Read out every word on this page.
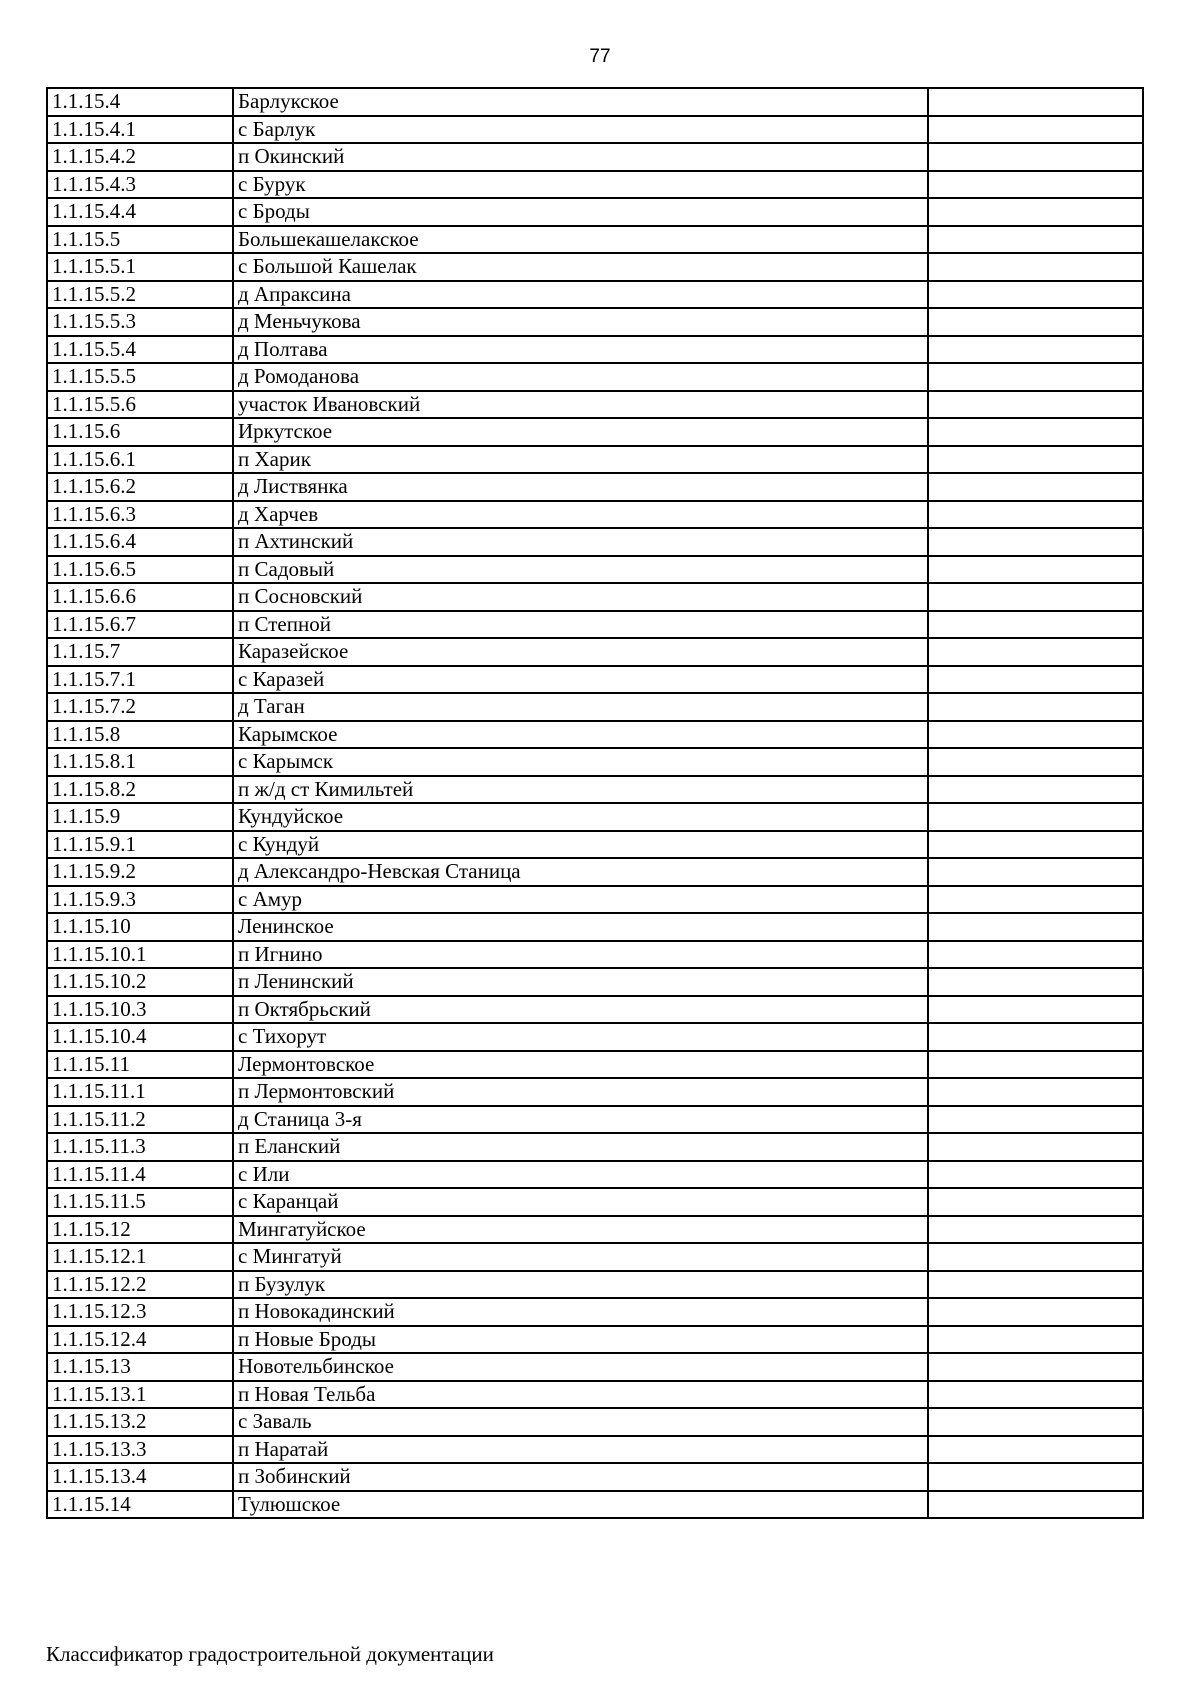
77
1.1.15.4	Барлукское	
1.1.15.4.1	с Барлук	
1.1.15.4.2	п Окинский	
1.1.15.4.3	с Бурук	
1.1.15.4.4	с Броды	
1.1.15.5	Большекашелакское	
1.1.15.5.1	с Большой Кашелак	
1.1.15.5.2	д Апраксина	
1.1.15.5.3	д Меньчукова	
1.1.15.5.4	д Полтава	
1.1.15.5.5	д Ромоданова	
1.1.15.5.6	участок Ивановский	
1.1.15.6	Иркутское	
1.1.15.6.1	п Харик	
1.1.15.6.2	д Листвянка	
1.1.15.6.3	д Харчев	
1.1.15.6.4	п Ахтинский	
1.1.15.6.5	п Садовый	
1.1.15.6.6	п Сосновский	
1.1.15.6.7	п Степной	
1.1.15.7	Каразейское	
1.1.15.7.1	с Каразей	
1.1.15.7.2	д Таган	
1.1.15.8	Карымское	
1.1.15.8.1	с Карымск	
1.1.15.8.2	п ж/д ст Кимильтей	
1.1.15.9	Кундуйское	
1.1.15.9.1	с Кундуй	
1.1.15.9.2	д Александро-Невская Станица	
1.1.15.9.3	с Амур	
1.1.15.10	Ленинское	
1.1.15.10.1	п Игнино	
1.1.15.10.2	п Ленинский	
1.1.15.10.3	п Октябрьский	
1.1.15.10.4	с Тихорут	
1.1.15.11	Лермонтовское	
1.1.15.11.1	п Лермонтовский	
1.1.15.11.2	д Станица 3-я	
1.1.15.11.3	п Еланский	
1.1.15.11.4	с Или	
1.1.15.11.5	с Каранцай	
1.1.15.12	Мингатуйское	
1.1.15.12.1	с Мингатуй	
1.1.15.12.2	п Бузулук	
1.1.15.12.3	п Новокадинский	
1.1.15.12.4	п Новые Броды	
1.1.15.13	Новотельбинское	
1.1.15.13.1	п Новая Тельба	
1.1.15.13.2	с Заваль	
1.1.15.13.3	п Наратай	
1.1.15.13.4	п Зобинский	
1.1.15.14	Тулюшское	
Классификатор градостроительной документации
